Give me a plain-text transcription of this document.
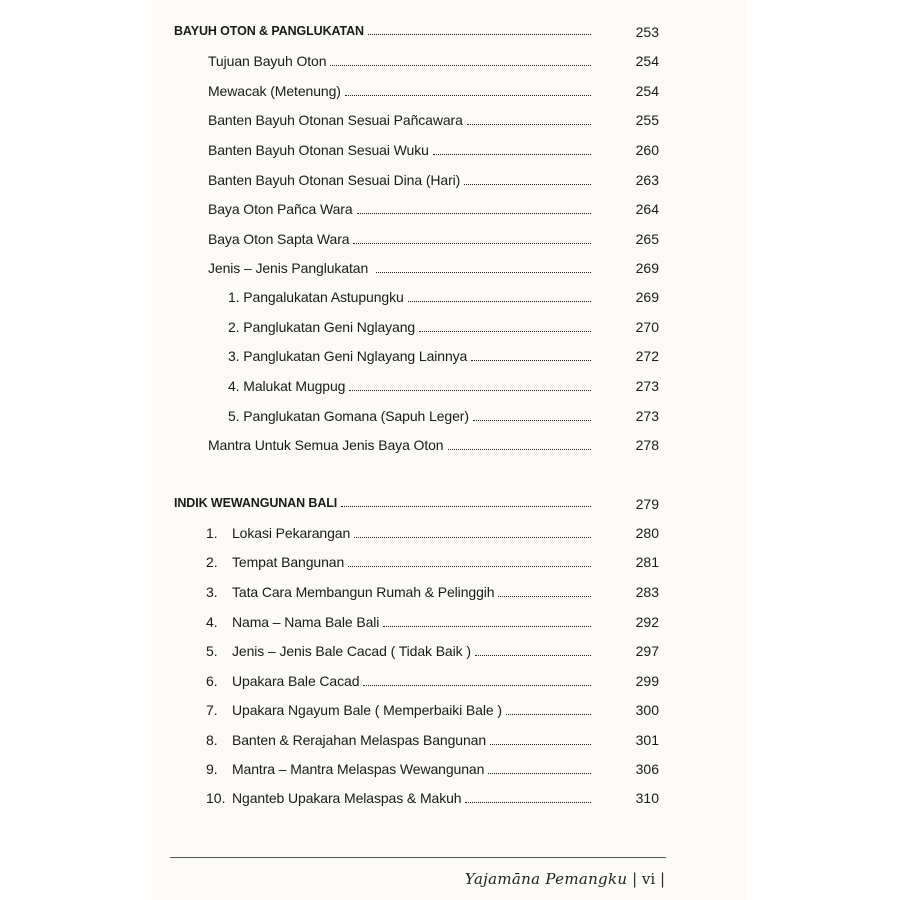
BAYUH OTON & PANGLUKATAN	253
Tujuan Bayuh Oton	254
Mewacak (Metenung)	254
Banten Bayuh Otonan Sesuai Pañcawara	255
Banten Bayuh Otonan Sesuai Wuku	260
Banten Bayuh Otonan Sesuai Dina (Hari)	263
Baya Oton Pañca Wara	264
Baya Oton Sapta Wara	265
Jenis – Jenis Panglukatan	269
1. Pangalukatan Astupungku	269
2. Panglukatan Geni Nglayang	270
3. Panglukatan Geni Nglayang Lainnya	272
4. Malukat Mugpug	273
5. Panglukatan Gomana (Sapuh Leger)	273
Mantra Untuk Semua Jenis Baya Oton	278
INDIK WEWANGUNAN BALI	279
1.	Lokasi Pekarangan	280
2.	Tempat Bangunan	281
3.	Tata Cara Membangun Rumah & Pelinggih	283
4.	Nama – Nama Bale Bali	292
5.	Jenis – Jenis Bale Cacad ( Tidak Baik )	297
6.	Upakara Bale Cacad	299
7.	Upakara Ngayum Bale ( Memperbaiki Bale )	300
8.	Banten & Rerajahan Melaspas Bangunan	301
9.	Mantra – Mantra Melaspas Wewangunan	306
10. Nganteb Upakara Melaspas & Makuh	310
Yajamāna Pemangku | vi |
